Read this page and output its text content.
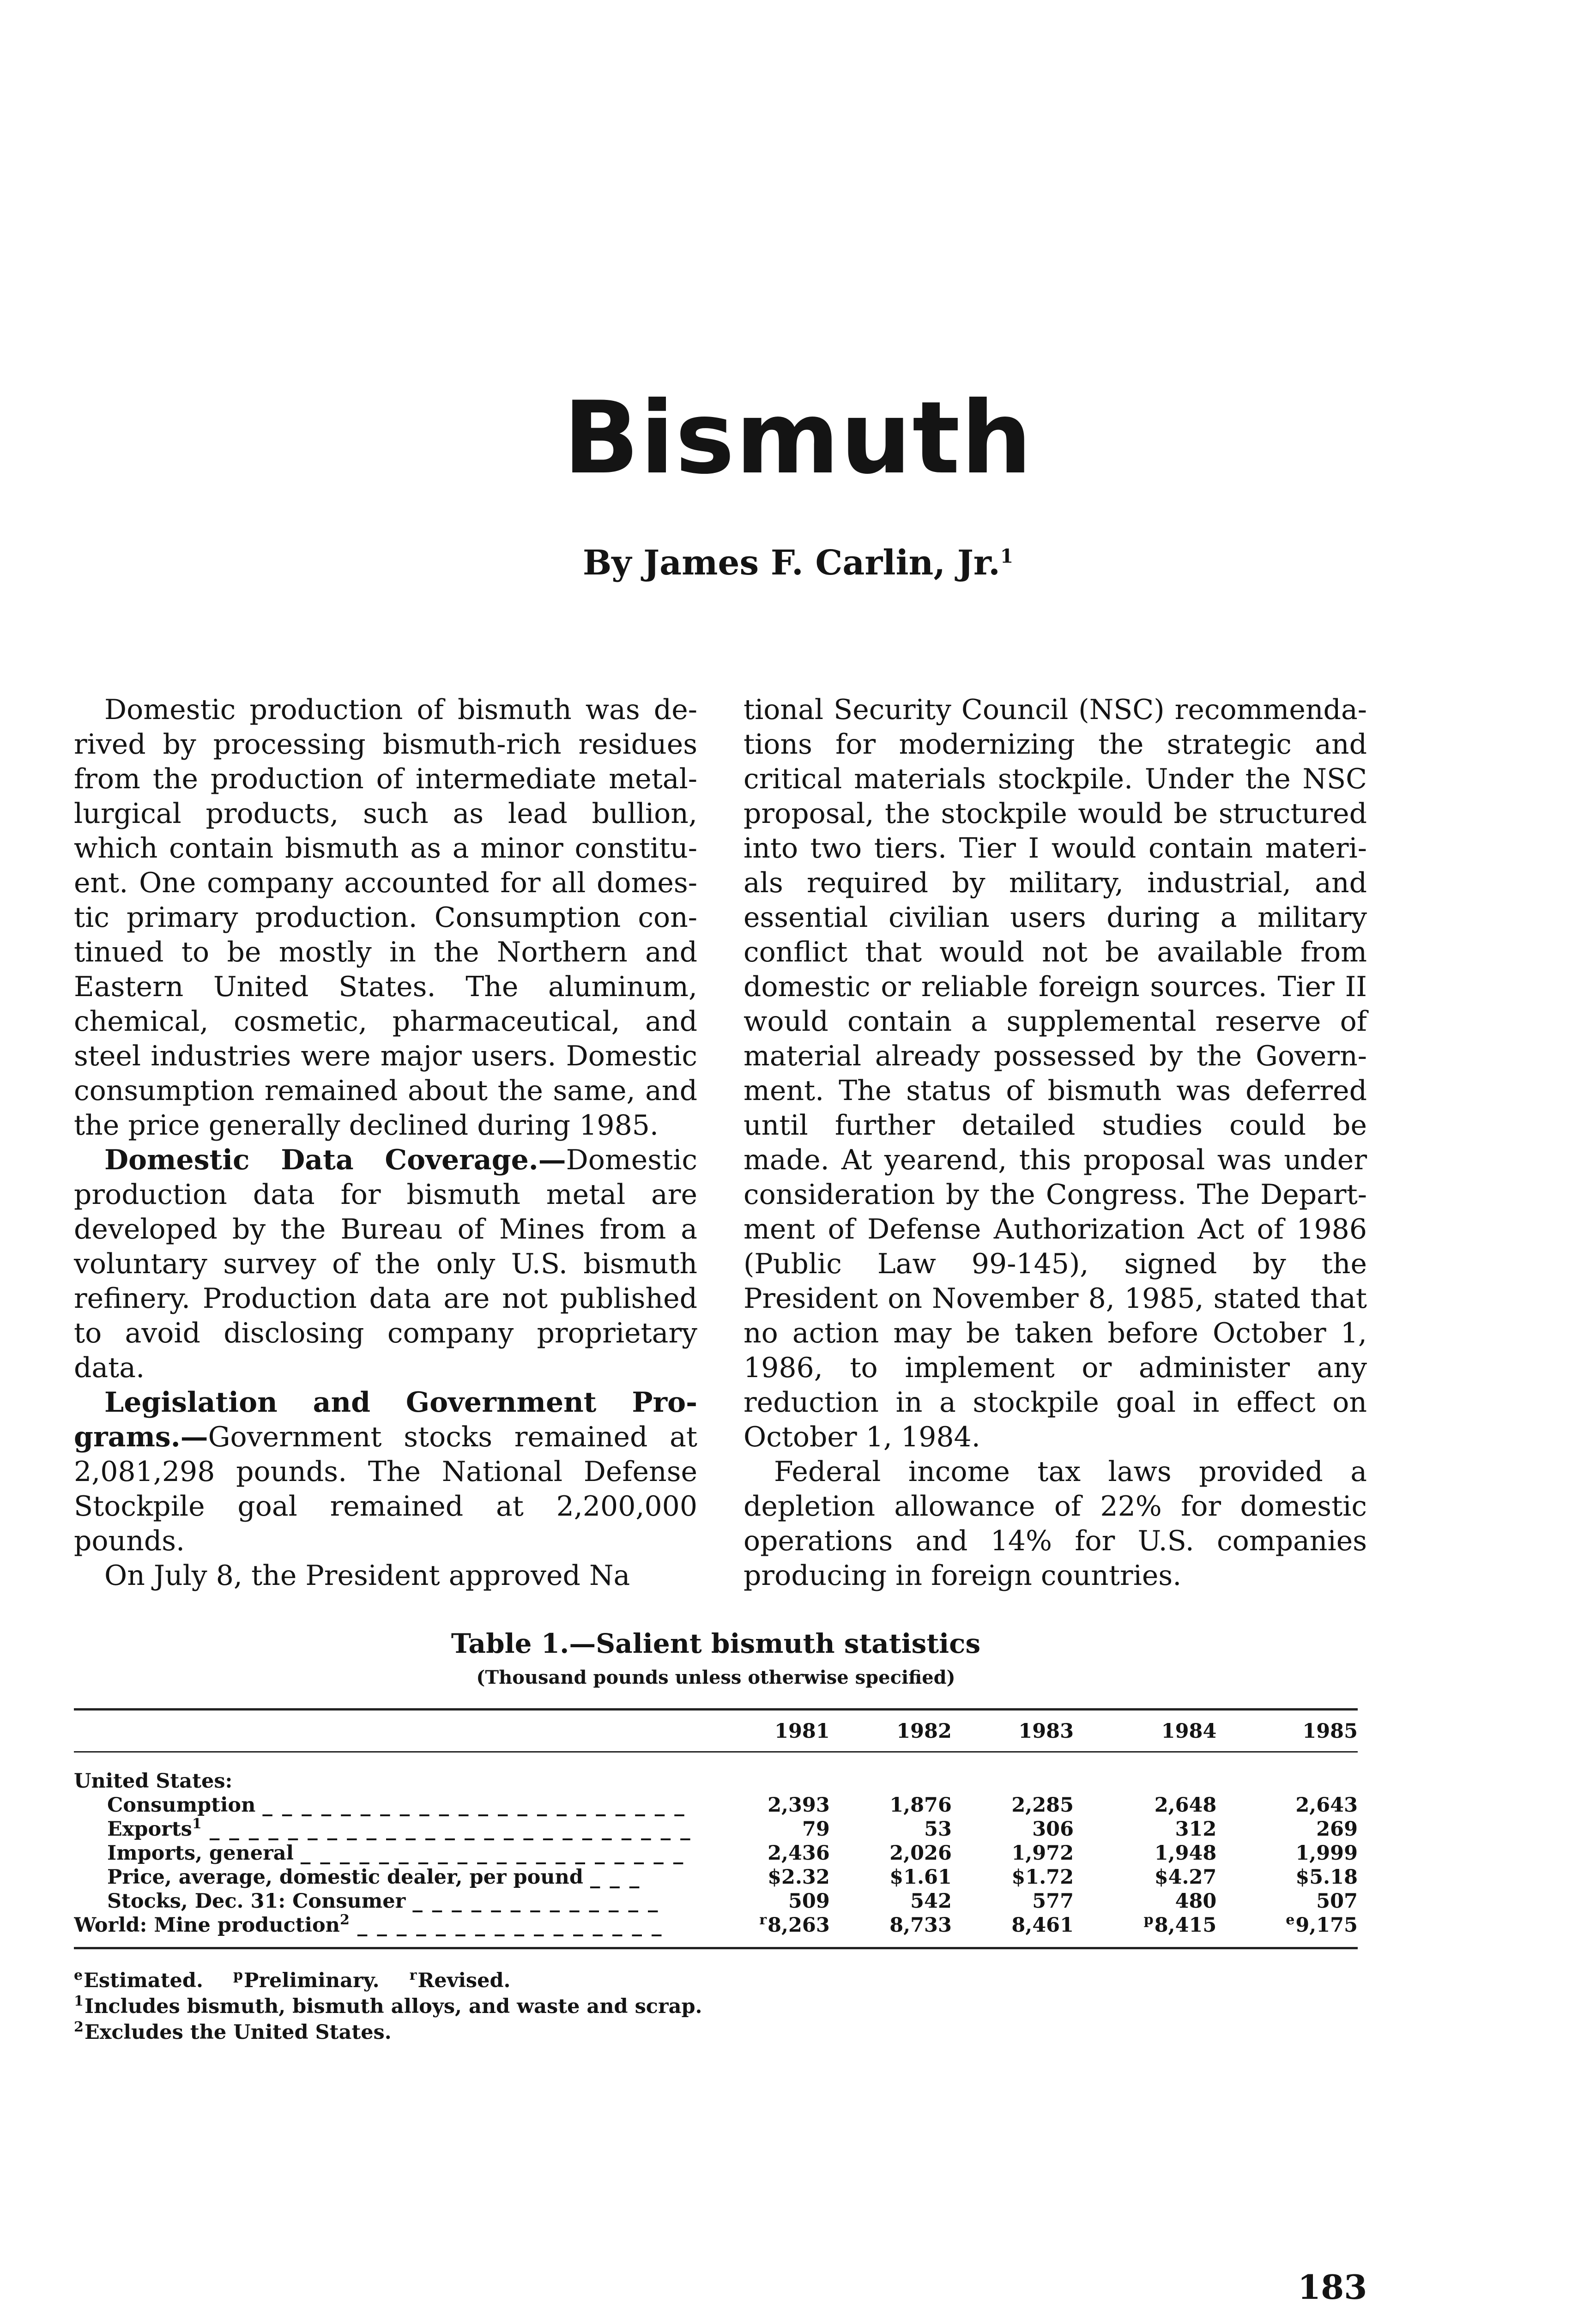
Bismuth
By James F. Carlin, Jr.$^1$

Domestic production of bismuth was derived by processing bismuth-rich residues from the production of intermediate metallurgical products, such as lead bullion, which contain bismuth as a minor constituent. One company accounted for all domestic primary production. Consumption continued to be mostly in the Northern and Eastern United States. The aluminum, chemical, cosmetic, pharmaceutical, and steel industries were major users. Domestic consumption remained about the same, and the price generally declined during 1985.

Domestic Data Coverage.—Domestic production data for bismuth metal are developed by the Bureau of Mines from a voluntary survey of the only U.S. bismuth refinery. Production data are not published to avoid disclosing company proprietary data.

Legislation and Government Programs.—Government stocks remained at 2,081,298 pounds. The National Defense Stockpile goal remained at 2,200,000 pounds.

On July 8, the President approved Na

tional Security Council (NSC) recommendations for modernizing the strategic and critical materials stockpile. Under the NSC proposal, the stockpile would be structured into two tiers. Tier I would contain materials required by military, industrial, and essential civilian users during a military conflict that would not be available from domestic or reliable foreign sources. Tier II would contain a supplemental reserve of material already possessed by the Government. The status of bismuth was deferred until further detailed studies could be made. At yearend, this proposal was under consideration by the Congress. The Department of Defense Authorization Act of 1986 (Public Law 99-145), signed by the President on November 8, 1985, stated that no action may be taken before October 1, 1986, to implement or administer any reduction in a stockpile goal in effect on October 1, 1984.

Federal income tax laws provided a depletion allowance of 22% for domestic operations and 14% for U.S. companies producing in foreign countries.

Table 1.—Salient bismuth statistics

(Thousand pounds unless otherwise specified)

	1981	1982	1983	1984	1985

United States:					
Consumption _ _ _ _ _ _ _ _ _ _ _ _ _ _ _ _ _ _ _ _ _ _	2,393	1,876	2,285	2,648	2,643
Exports$^1$ _ _ _ _ _ _ _ _ _ _ _ _ _ _ _ _ _ _ _ _ _ _ _ _ _	79	53	306	312	269
Imports, general _ _ _ _ _ _ _ _ _ _ _ _ _ _ _ _ _ _ _ _	2,436	2,026	1,972	1,948	1,999
Price, average, domestic dealer, per pound _ _ _	$2.32	$1.61	$1.72	$4.27	$5.18
Stocks, Dec. 31: Consumer _ _ _ _ _ _ _ _ _ _ _ _ _	509	542	577	480	507
World: Mine production$^2$ _ _ _ _ _ _ _ _ _ _ _ _ _ _ _ _	$^r$8,263	8,733	8,461	$^p$8,415	$^e$9,175
$^e$Estimated. $^p$Preliminary. $^r$Revised.
$^1$Includes bismuth, bismuth alloys, and waste and scrap.
$^2$Excludes the United States.
183
